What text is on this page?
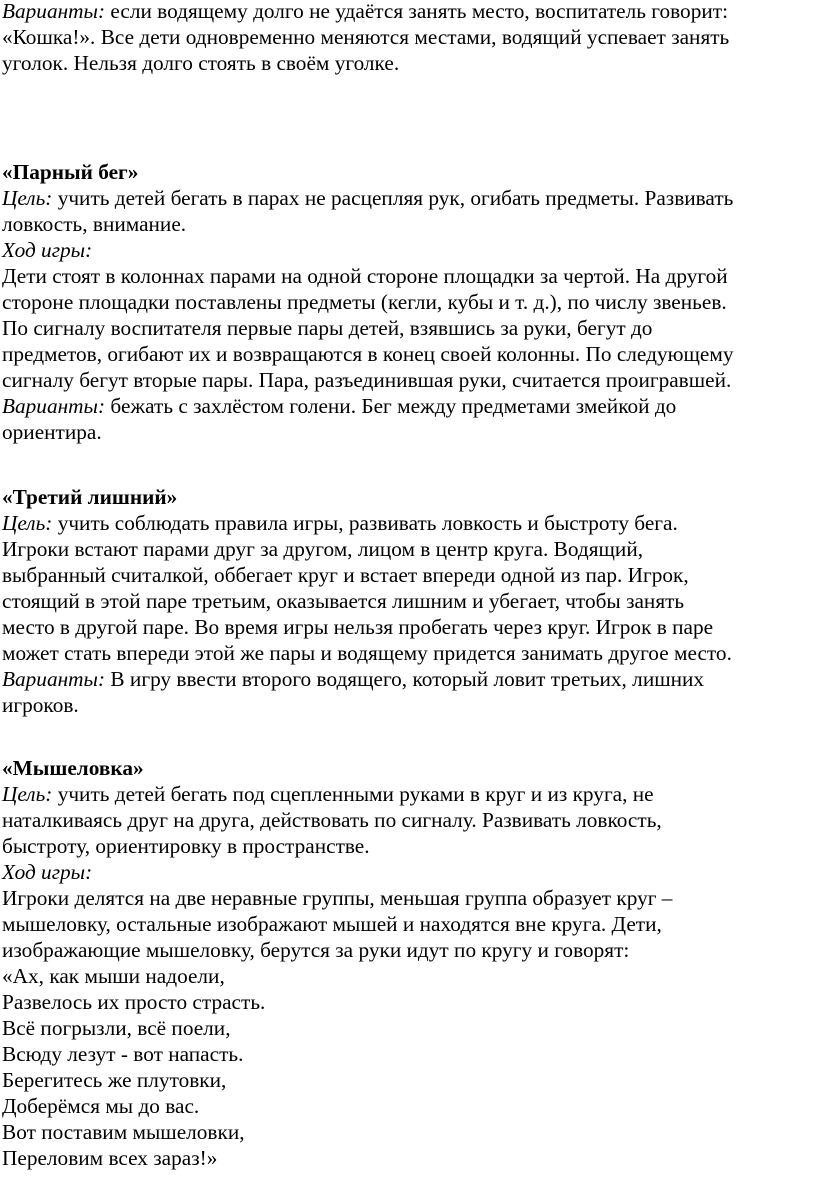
Варианты: если водящему долго не удаётся занять место, воспитатель говорит:
«Кошка!». Все дети одновременно меняются местами, водящий успевает занять
уголок. Нельзя долго стоять в своём уголке.
«Парный бег»
Цель: учить детей бегать в парах не расцепляя рук, огибать предметы. Развивать
ловкость, внимание.
Ход игры:
Дети стоят в колоннах парами на одной стороне площадки за чертой. На другой
стороне площадки поставлены предметы (кегли, кубы и т. д.), по числу звеньев.
По сигналу воспитателя первые пары детей, взявшись за руки, бегут до
предметов, огибают их и возвращаются в конец своей колонны. По следующему
сигналу бегут вторые пары. Пара, разъединившая руки, считается проигравшей.
Варианты: бежать с захлёстом голени. Бег между предметами змейкой до
ориентира.
«Третий лишний»
Цель: учить соблюдать правила игры, развивать ловкость и быстроту бега.
Игроки встают парами друг за другом, лицом в центр круга. Водящий,
выбранный считалкой, оббегает круг и встает впереди одной из пар. Игрок,
стоящий в этой паре третьим, оказывается лишним и убегает, чтобы занять
место в другой паре. Во время игры нельзя пробегать через круг. Игрок в паре
может стать впереди этой же пары и водящему придется занимать другое место.
Варианты: В игру ввести второго водящего, который ловит третьих, лишних
игроков.
«Мышеловка»
Цель: учить детей бегать под сцепленными руками в круг и из круга, не
наталкиваясь друг на друга, действовать по сигналу. Развивать ловкость,
быстроту, ориентировку в пространстве.
Ход игры:
Игроки делятся на две неравные группы, меньшая группа образует круг –
мышеловку, остальные изображают мышей и находятся вне круга. Дети,
изображающие мышеловку, берутся за руки идут по кругу и говорят:
«Ах, как мыши надоели,
Развелось их просто страсть.
Всё погрызли, всё поели,
Всюду лезут - вот напасть.
Берегитесь же плутовки,
Доберёмся мы до вас.
Вот поставим мышеловки,
Переловим всех зараз!»
